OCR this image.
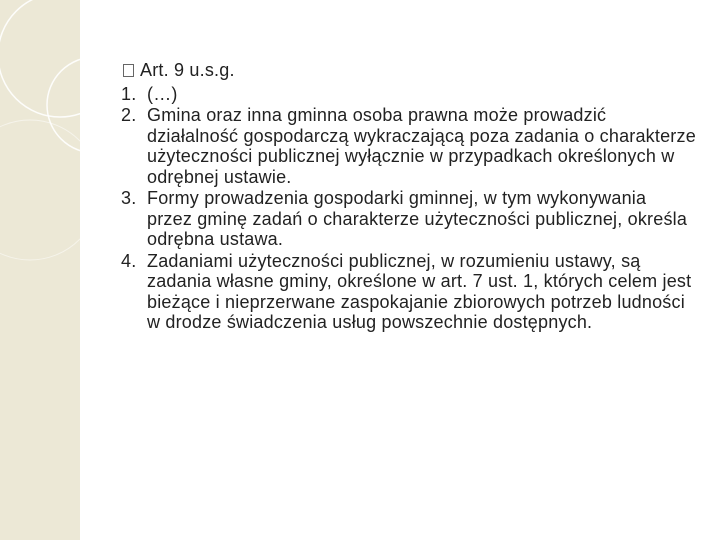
Art. 9 u.s.g.
1. (…)
2. Gmina oraz inna gminna osoba prawna może prowadzić działalność gospodarczą wykraczającą poza zadania o charakterze użyteczności publicznej wyłącznie w przypadkach określonych w odrębnej ustawie.
3. Formy prowadzenia gospodarki gminnej, w tym wykonywania przez gminę zadań o charakterze użyteczności publicznej, określa odrębna ustawa.
4. Zadaniami użyteczności publicznej, w rozumieniu ustawy, są zadania własne gminy, określone w art. 7 ust. 1, których celem jest bieżące i nieprzerwane zaspokajanie zbiorowych potrzeb ludności w drodze świadczenia usług powszechnie dostępnych.
